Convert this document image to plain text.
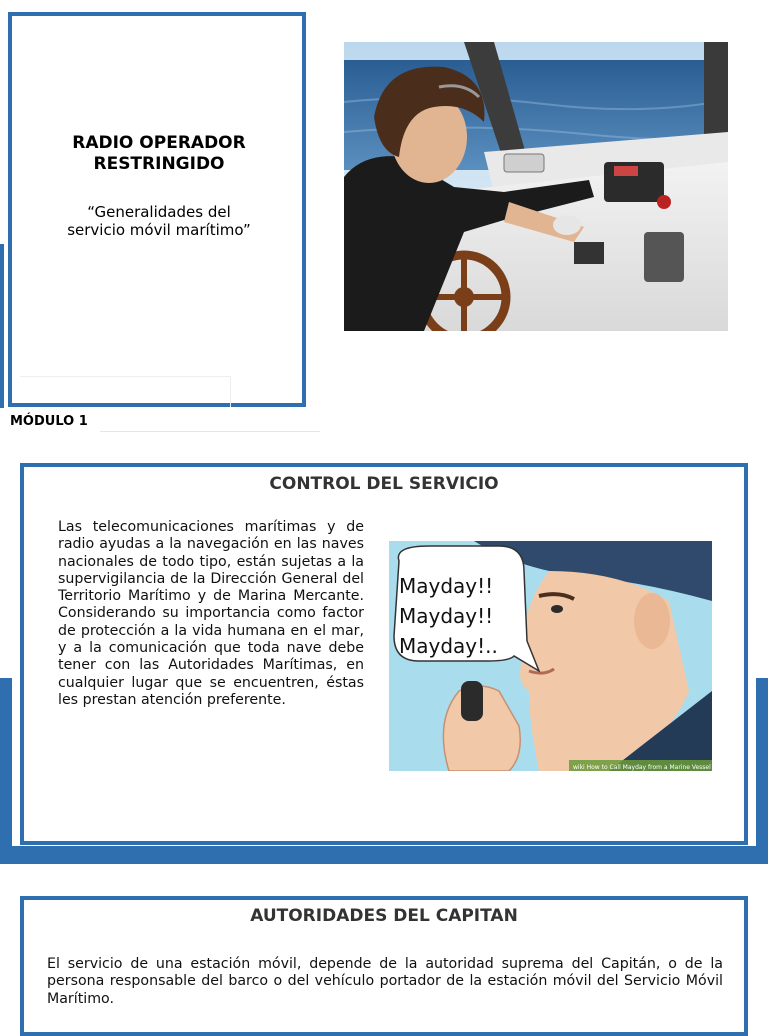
RADIO OPERADOR
RESTRINGIDO
“Generalidades del
servicio móvil marítimo”
MÓDULO 1
CONTROL DEL SERVICIO
Las telecomunicaciones marítimas y de radio ayudas a la navegación en las naves nacionales de todo tipo, están sujetas a la supervigilancia de la Dirección General del Territorio Marítimo y de Marina Mercante. Considerando su importancia como factor de protección a la vida humana en el mar, y a la comunicación que toda nave debe tener con las Autoridades Marítimas, en cualquier lugar que se encuentren, éstas les prestan atención preferente.
Mayday!!
Mayday!!
Mayday!..
wiki How to Call Mayday from a Marine Vessel
AUTORIDADES DEL CAPITAN
El servicio de una estación móvil, depende de la autoridad suprema del Capitán, o de la persona responsable del barco o del vehículo portador de la estación móvil del Servicio Móvil Marítimo.
